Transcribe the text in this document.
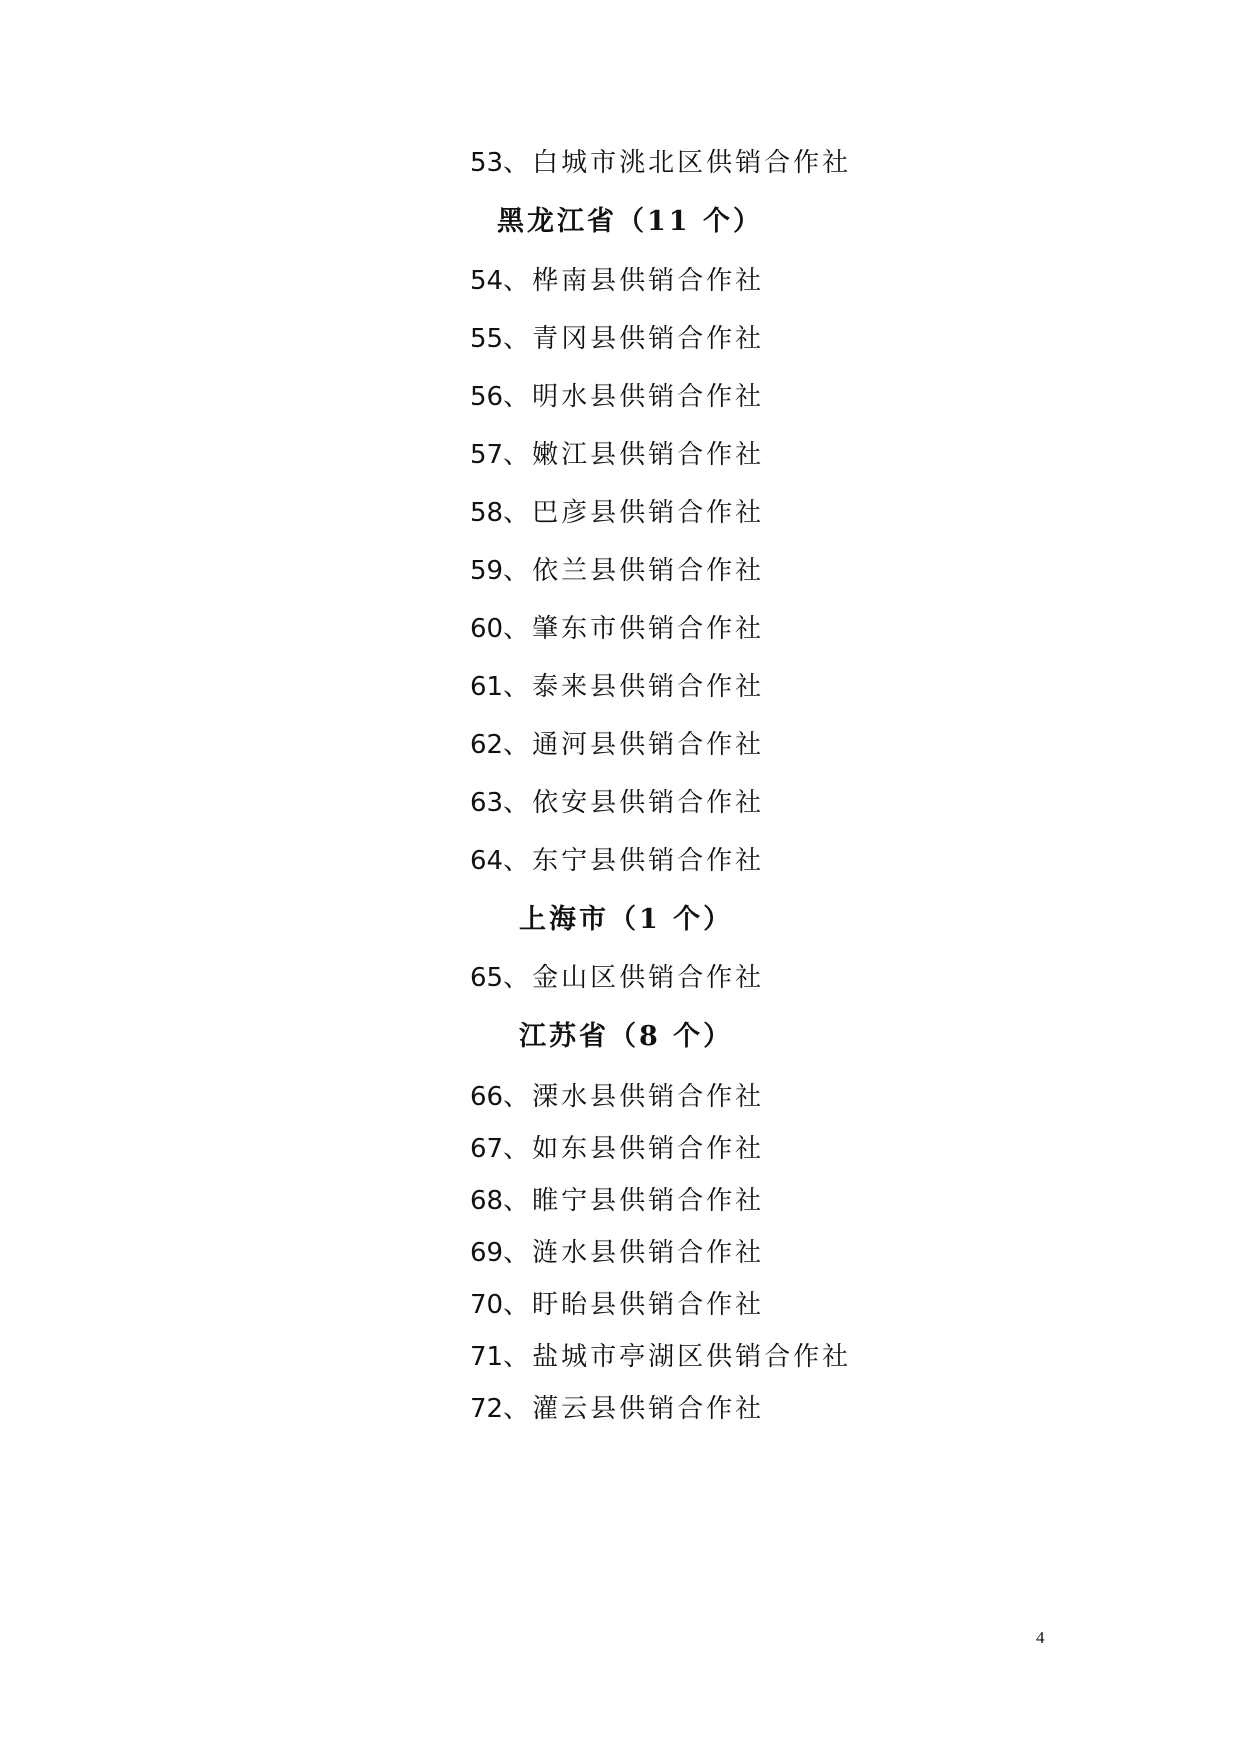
53、白城市洮北区供销合作社
黑龙江省（11 个）
54、桦南县供销合作社
55、青冈县供销合作社
56、明水县供销合作社
57、嫩江县供销合作社
58、巴彦县供销合作社
59、依兰县供销合作社
60、肇东市供销合作社
61、泰来县供销合作社
62、通河县供销合作社
63、依安县供销合作社
64、东宁县供销合作社
上海市（1 个）
65、金山区供销合作社
江苏省（8 个）
66、溧水县供销合作社
67、如东县供销合作社
68、睢宁县供销合作社
69、涟水县供销合作社
70、盱眙县供销合作社
71、盐城市亭湖区供销合作社
72、灌云县供销合作社
4
